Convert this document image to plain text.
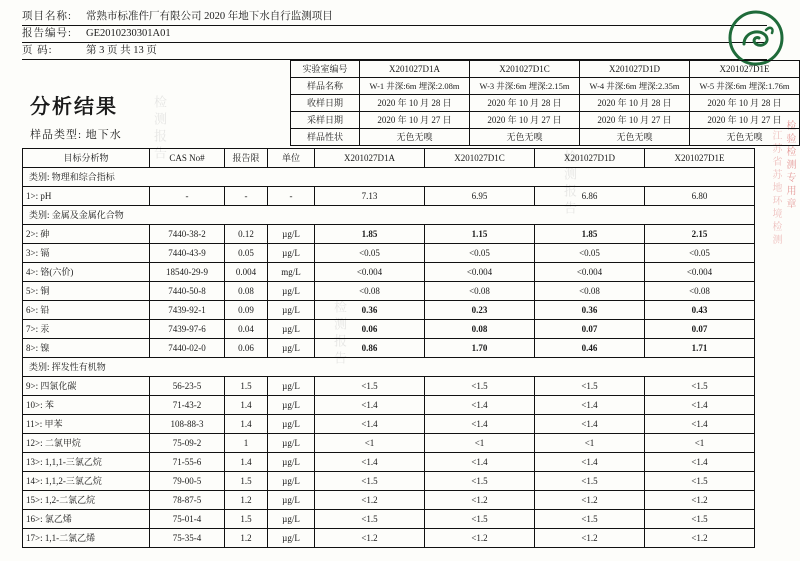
检测报告
检测报告
检测报告
项目名称:	常熟市标准件厂有限公司 2020 年地下水自行监测项目
报告编号:	GE2010230301A01
页 码:	第 3 页 共 13 页
检验检测专用章
江苏省苏地环境检测
分析结果
样品类型: 地下水
实验室编号	X201027D1A	X201027D1C	X201027D1D	X201027D1E
样品名称	W-1 井深:6m 埋深:2.08m	W-3 井深:6m 埋深:2.15m	W-4 井深:6m 埋深:2.35m	W-5 井深:6m 埋深:1.76m
收样日期	2020 年 10 月 28 日	2020 年 10 月 28 日	2020 年 10 月 28 日	2020 年 10 月 28 日
采样日期	2020 年 10 月 27 日	2020 年 10 月 27 日	2020 年 10 月 27 日	2020 年 10 月 27 日
样品性状	无色无嗅	无色无嗅	无色无嗅	无色无嗅
目标分析物	CAS No#	报告限	单位	X201027D1A	X201027D1C	X201027D1D	X201027D1E
类别: 物理和综合指标							
1>: pH	-	-	-	7.13	6.95	6.86	6.80
类别: 金属及金属化合物							
2>: 砷	7440-38-2	0.12	µg/L	1.85	1.15	1.85	2.15
3>: 镉	7440-43-9	0.05	µg/L	<0.05	<0.05	<0.05	<0.05
4>: 铬(六价)	18540-29-9	0.004	mg/L	<0.004	<0.004	<0.004	<0.004
5>: 铜	7440-50-8	0.08	µg/L	<0.08	<0.08	<0.08	<0.08
6>: 铅	7439-92-1	0.09	µg/L	0.36	0.23	0.36	0.43
7>: 汞	7439-97-6	0.04	µg/L	0.06	0.08	0.07	0.07
8>: 镍	7440-02-0	0.06	µg/L	0.86	1.70	0.46	1.71
类别: 挥发性有机物							
9>: 四氯化碳	56-23-5	1.5	µg/L	<1.5	<1.5	<1.5	<1.5
10>: 苯	71-43-2	1.4	µg/L	<1.4	<1.4	<1.4	<1.4
11>: 甲苯	108-88-3	1.4	µg/L	<1.4	<1.4	<1.4	<1.4
12>: 二氯甲烷	75-09-2	1	µg/L	<1	<1	<1	<1
13>: 1,1,1-三氯乙烷	71-55-6	1.4	µg/L	<1.4	<1.4	<1.4	<1.4
14>: 1,1,2-三氯乙烷	79-00-5	1.5	µg/L	<1.5	<1.5	<1.5	<1.5
15>: 1,2-二氯乙烷	78-87-5	1.2	µg/L	<1.2	<1.2	<1.2	<1.2
16>: 氯乙烯	75-01-4	1.5	µg/L	<1.5	<1.5	<1.5	<1.5
17>: 1,1-二氯乙烯	75-35-4	1.2	µg/L	<1.2	<1.2	<1.2	<1.2
